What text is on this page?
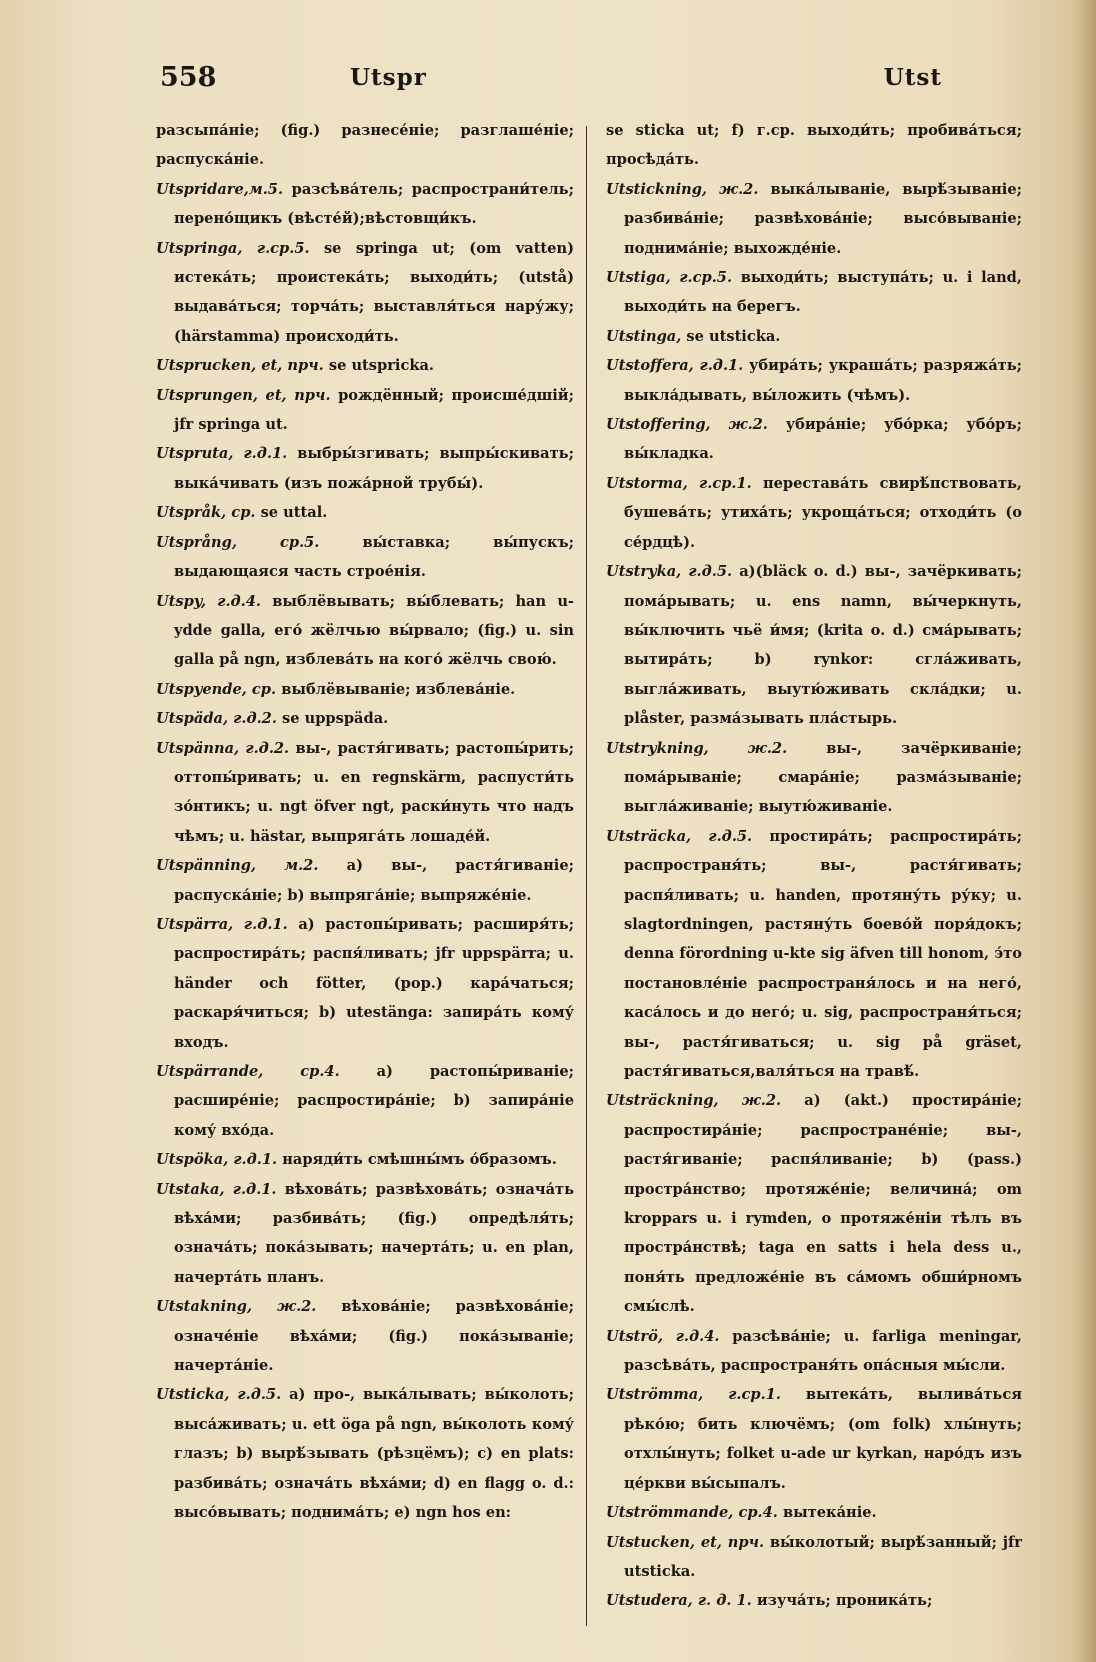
558	Utspr	Utst

разсыпа́ніе; (fig.) разнесе́ніе; разглаше́ніе; распуска́ніе.

Utspridare,м.5. разсѣва́тель; распространи́тель; перено́щикъ (вѣсте́й);вѣстовщи́къ.

Utspringa, г.ср.5. se springa ut; (om vatten) истека́ть; проистека́ть; выходи́ть; (utstå) выдава́ться; торча́ть; выставля́ться нару́жу; (härstamma) происходи́ть.

Utsprucken, et, прч. se utspricka.

Utsprungen, et, прч. рождённый; происше́дшій; jfr springa ut.

Utspruta, г.д.1. выбры́згивать; выпры́скивать; выка́чивать (изъ пожа́рной трубы́).

Utspråk, ср. se uttal.

Utsprång, ср.5.	вы́ставка; вы́пускъ; выдающаяся часть строе́нія.

Utspy, г.д.4. выблёвывать; вы́блевать; han u-ydde galla, его́ жёлчью вы́рвало; (fig.) u. sin galla på ngn, изблева́ть на кого́ жёлчь свою́.

Utspyende, ср. выблёвываніе; изблева́ніе.

Utspäda, г.д.2. se uppspäda.

Utspänna, г.д.2. вы-, растя́гивать; растопы́рить; оттопы́ривать; u. en regnskärm, распусти́ть зо́нтикъ; u. ngt öfver ngt, раски́нуть что надъ чѣмъ; u. hästar, выпряга́ть лошаде́й.

Utspänning, м.2. a) вы-, растя́гиваніе; распуска́ніе; b) выпряга́ніе; выпряже́ніе.

Utspärra, г.д.1. a) растопы́ривать; расширя́ть; распростира́ть; распя́ливать; jfr uppspärra; u. händer och fötter, (pop.) кара́чаться; раскаря́читься; b) utestänga: запира́ть кому́ входъ.

Utspärrande, ср.4.	a) растопы́риваніе; расшире́ніе; распростира́ніе; b) запира́ніе кому́ вхо́да.

Utspöka, г.д.1. наряди́ть смѣшны́мъ о́бразомъ.

Utstaka, г.д.1. вѣхова́ть; развѣхова́ть; означа́ть вѣха́ми; разбива́ть; (fig.) опредѣля́ть; означа́ть; пока́зывать; начерта́ть; u. en plan, начерта́ть планъ.

Utstakning, ж.2. вѣхова́ніе; развѣхова́ніе; означе́ніе вѣха́ми; (fig.) пока́зываніе; начерта́ніе.

Utsticka, г.д.5. a) про-, выка́лывать; вы́колоть; выса́живать; u. ett öga på ngn, вы́колоть кому́ глазъ; b) вырѣ́зывать (рѣзцёмъ); c) en plats: разбива́ть; означа́ть вѣха́ми; d) en flagg o. d.: высо́вывать; поднима́ть; e) ngn hos en:

se sticka ut; f) г.ср. выходи́ть; пробива́ться; просѣда́ть.

Utstickning, ж.2. выка́лываніе, вырѣ́зываніе; разбива́ніе; развѣхова́ніе; высо́вываніе; поднима́ніе; выхожде́ніе.

Utstiga, г.ср.5. выходи́ть; выступа́ть; u. i land, выходи́ть на берегъ.

Utstinga, se utsticka.

Utstoffera, г.д.1. убира́ть; украша́ть; разряжа́ть; выкла́дывать, вы́ложить (чѣмъ).

Utstoffering, ж.2. убира́ніе; убо́рка; убо́ръ; вы́кладка.

Utstorma, г.ср.1. перестава́ть свирѣ́пствовать, бушева́ть; утиха́ть; укроща́ться; отходи́ть (о се́рдцѣ).

Utstryka, г.д.5. a)(bläck o. d.) вы-, зачёркивать; пома́рывать; u. ens namn, вы́черкнуть, вы́ключить чьё и́мя; (krita o. d.) сма́рывать; вытира́ть; b) rynkor: сгла́живать, выгла́живать, выутю́живать скла́дки; u. plåster, разма́зывать пла́стырь.

Utstrykning, ж.2.	вы-, зачёркиваніе; пома́рываніе; смара́ніе; разма́зываніе; выгла́живаніе; выутю́живаніе.

Utsträcka, г.д.5. простира́ть; распростира́ть; распространя́ть; вы-, растя́гивать; распя́ливать; u. handen, протяну́ть ру́ку; u. slagtordningen, растяну́ть боево́й поря́докъ; denna förordning u-kte sig äfven till honom, э́то постановле́ніе распространя́лось и на него́, каса́лось и до него́; u. sig, распространя́ться; вы-, растя́гиваться; u. sig på gräset, растя́гиваться,валя́ться на травѣ́.

Utsträckning, ж.2. a) (akt.) простира́ніе; распростира́ніе; распростране́ніе; вы-, растя́гиваніе; распя́ливаніе; b) (pass.) простра́нство; протяже́ніе; величина́; om kroppars u. i rymden, о протяже́ніи тѣлъ въ простра́нствѣ; taga en satts i hela dess u., поня́ть предложе́ніе въ са́момъ обши́рномъ смы́слѣ.

Utströ, г.д.4. разсѣва́ніе; u. farliga meningar, разсѣва́ть, распространя́ть опа́сныя мы́сли.

Utströmma, г.ср.1. вытека́ть, вылива́ться рѣко́ю; бить ключёмъ; (om folk) хлы́нуть; отхлы́нуть; folket u-ade ur kyrkan, наро́дъ изъ це́ркви вы́сыпалъ.

Utströmmande, ср.4. вытека́ніе.

Utstucken, et, прч. вы́колотый; вырѣ́занный; jfr utsticka.

Utstudera, г. д. 1. изуча́ть; проника́ть;
